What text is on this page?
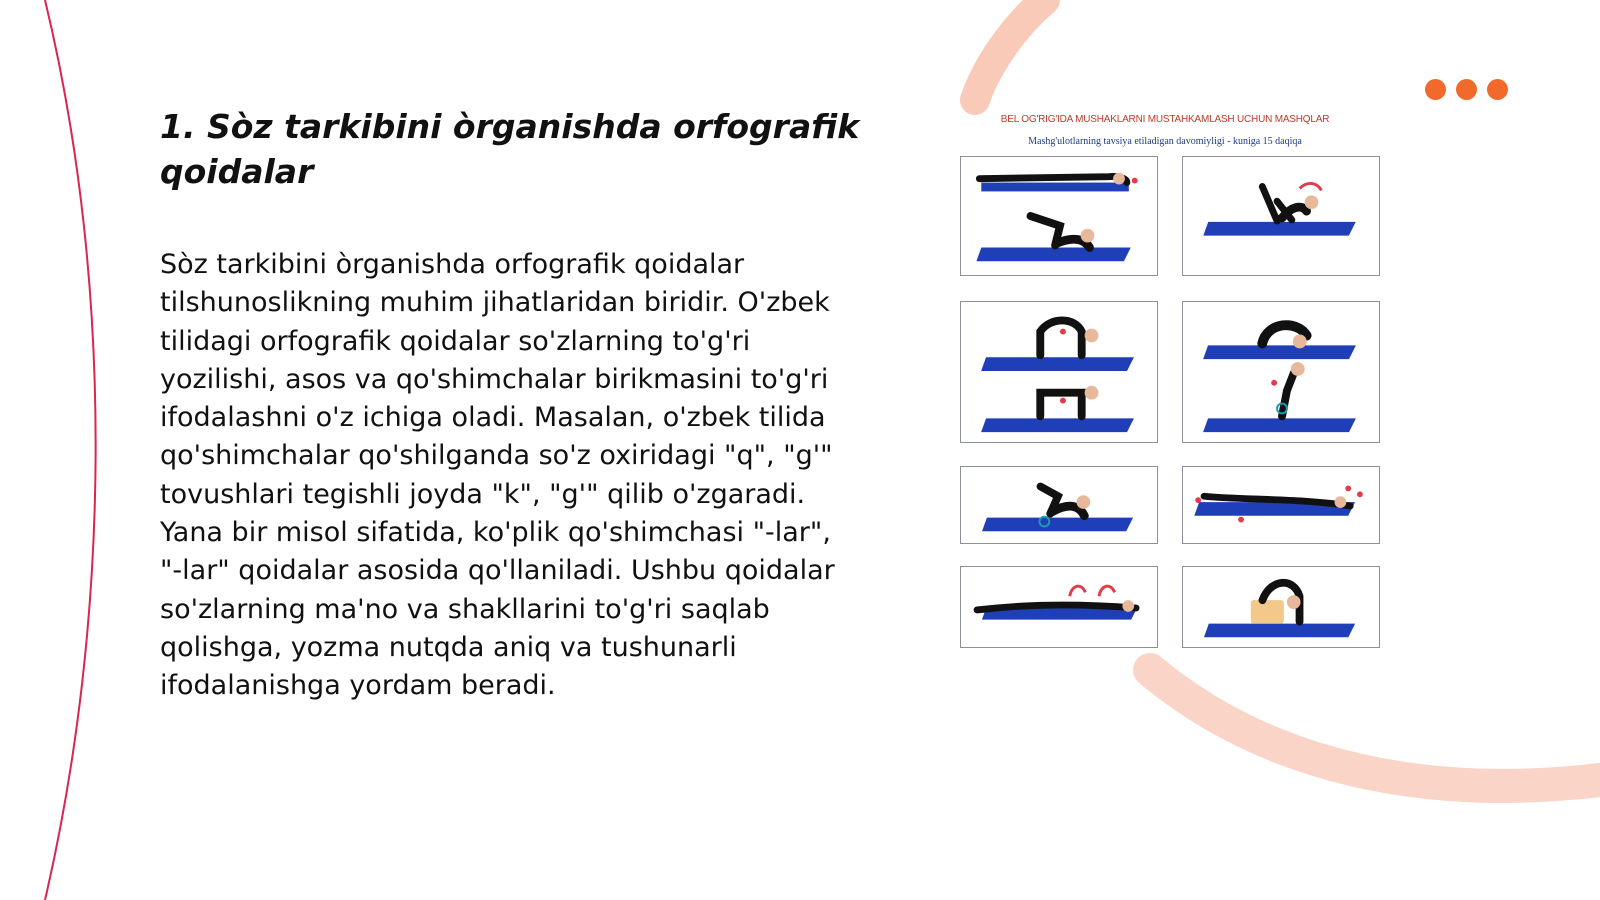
1. Sòz tarkibini òrganishda orfografik qoidalar

Sòz tarkibini òrganishda orfografik qoidalar tilshunoslikning muhim jihatlaridan biridir. O'zbek tilidagi orfografik qoidalar so'zlarning to'g'ri yozilishi, asos va qo'shimchalar birikmasini to'g'ri ifodalashni o'z ichiga oladi. Masalan, o'zbek tilida qo'shimchalar qo'shilganda so'z oxiridagi "q", "g'" tovushlari tegishli joyda "k", "g'" qilib o'zgaradi. Yana bir misol sifatida, ko'plik qo'shimchasi "-lar", "-lar" qoidalar asosida qo'llaniladi. Ushbu qoidalar so'zlarning ma'no va shakllarini to'g'ri saqlab qolishga, yozma nutqda aniq va tushunarli ifodalanishga yordam beradi.

BEL OG'RIG'IDA MUSHAKLARNI MUSTAHKAMLASH UCHUN MASHQLAR
Mashg'ulotlarning tavsiya etiladigan davomiyligi - kuniga 15 daqiqa
